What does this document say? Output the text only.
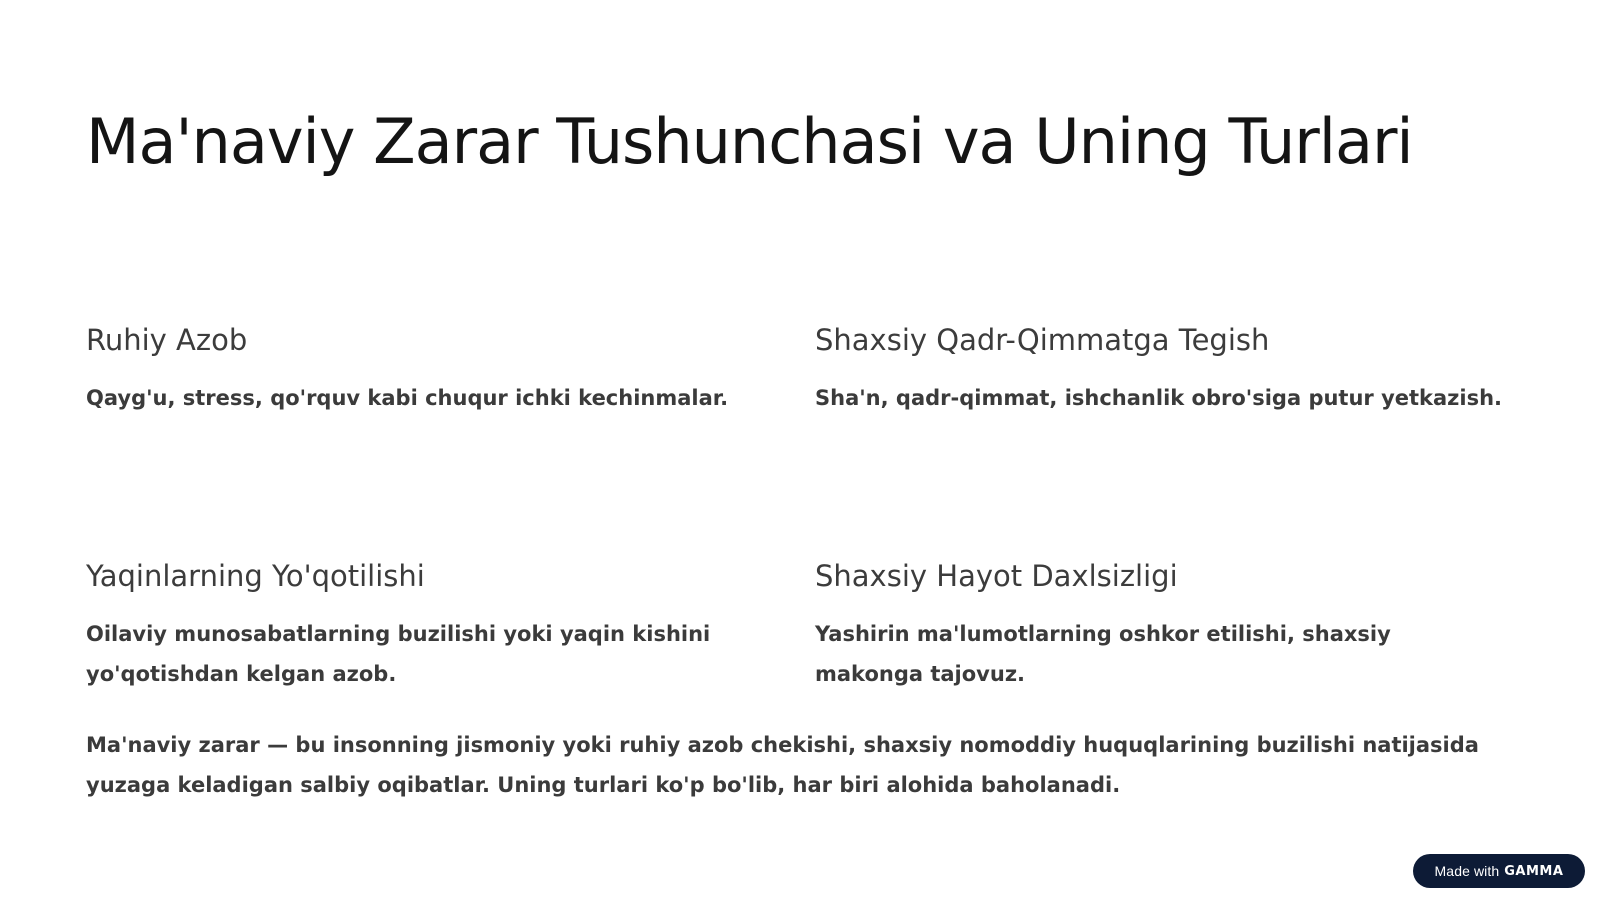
Ma'naviy Zarar Tushunchasi va Uning Turlari
Ruhiy Azob

Qayg'u, stress, qo'rquv kabi chuqur ichki kechinmalar.

Shaxsiy Qadr-Qimmatga Tegish

Sha'n, qadr-qimmat, ishchanlik obro'siga putur yetkazish.

Yaqinlarning Yo'qotilishi

Oilaviy munosabatlarning buzilishi yoki yaqin kishini yo'qotishdan kelgan azob.

Shaxsiy Hayot Daxlsizligi

Yashirin ma'lumotlarning oshkor etilishi, shaxsiy makonga tajovuz.

Ma'naviy zarar — bu insonning jismoniy yoki ruhiy azob chekishi, shaxsiy nomoddiy huquqlarining buzilishi natijasida yuzaga keladigan salbiy oqibatlar. Uning turlari ko'p bo'lib, har biri alohida baholanadi.

Made with GAMMA
